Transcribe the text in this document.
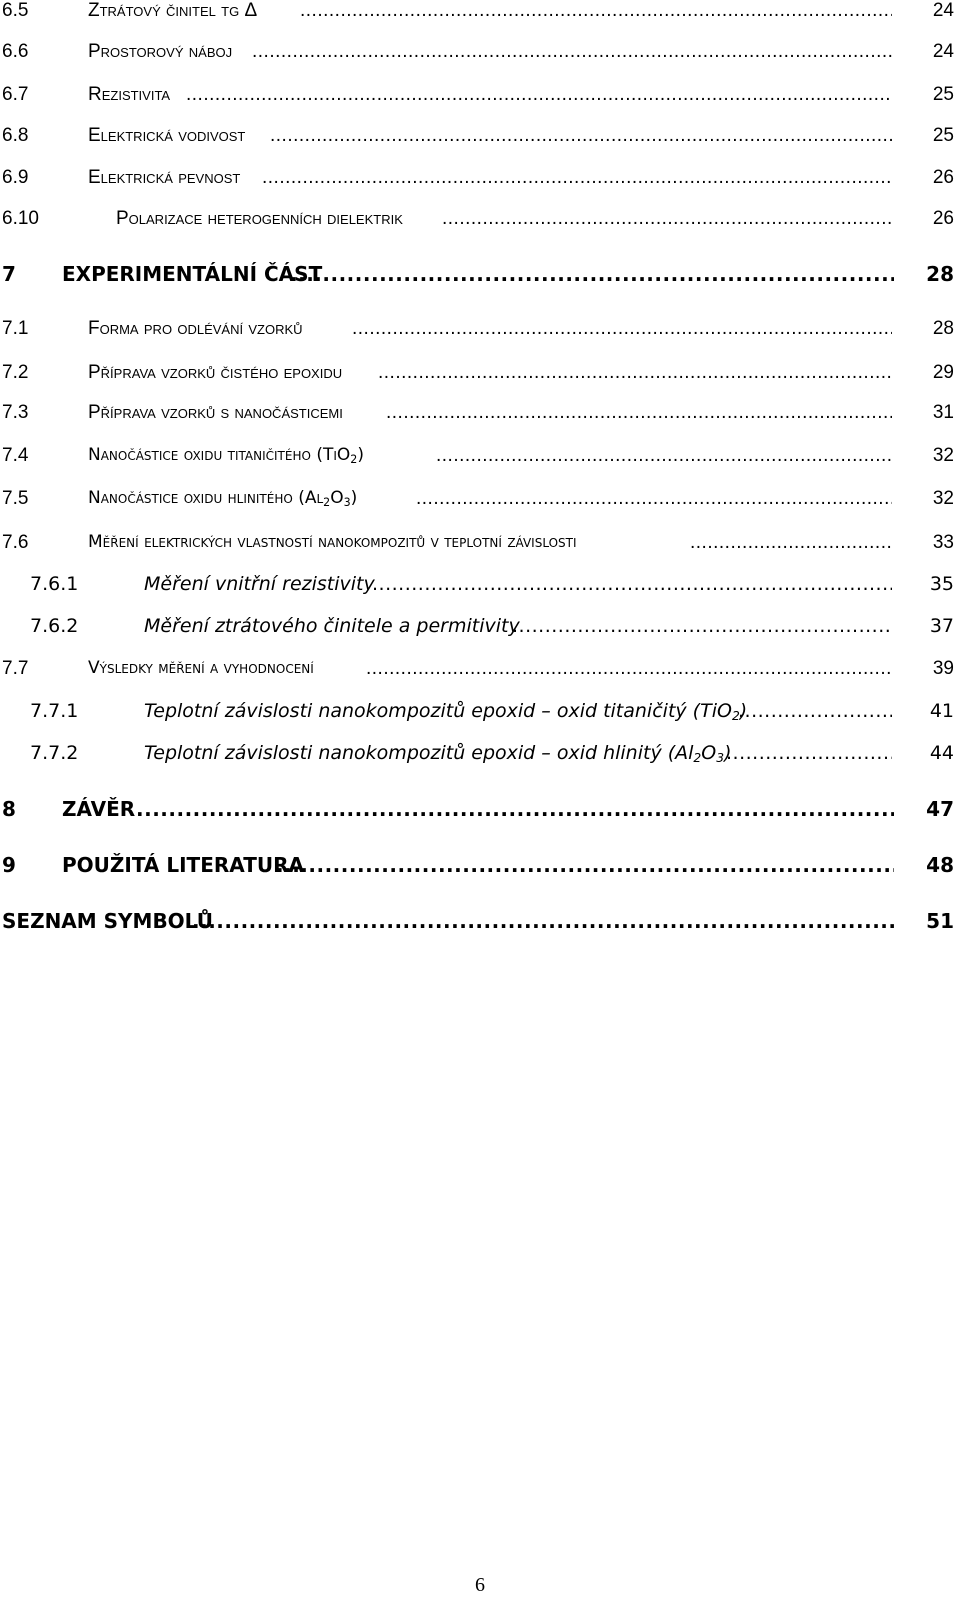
6.5	Ztrátový činitel tg Δ .....	24
6.6	Prostorový náboj .....	24
6.7	Rezistivita .....	25
6.8	Elektrická vodivost .....	25
6.9	Elektrická pevnost .....	26
6.10	Polarizace heterogenních dielektrik .....	26
7 EXPERIMENTÁLNÍ ČÁST .....	28
7.1	Forma pro odlévání vzorků .....	28
7.2	Příprava vzorků čistého epoxidu .....	29
7.3	Příprava vzorků s nanočásticemi .....	31
7.4	Nanočástice oxidu titaničitého (TiO$_2$) .....	32
7.5	Nanočástice oxidu hlinitého $(Al_2O_3)$ .....	32
7.6	Měření elektrických vlastností nanokompozitů v teplotní závislosti .....	33
7.6.1	Měření vnitřní rezistivity .....	35
7.6.2	Měření ztrátového činitele a permitivity .....	37
7.7	Výsledky měření a vyhodnocení .....	39
7.7.1	Teplotní závislosti nanokompozitů epoxid – oxid titaničitý (TiO$_2$) .....	41
7.7.2	Teplotní závislosti nanokompozitů epoxid – oxid hlinitý $(Al_2O_3)$ .....	44
8 ZÁVĚR .....	47
9 POUŽITÁ LITERATURA .....	48
SEZNAM SYMBOLŮ .....	51
6
